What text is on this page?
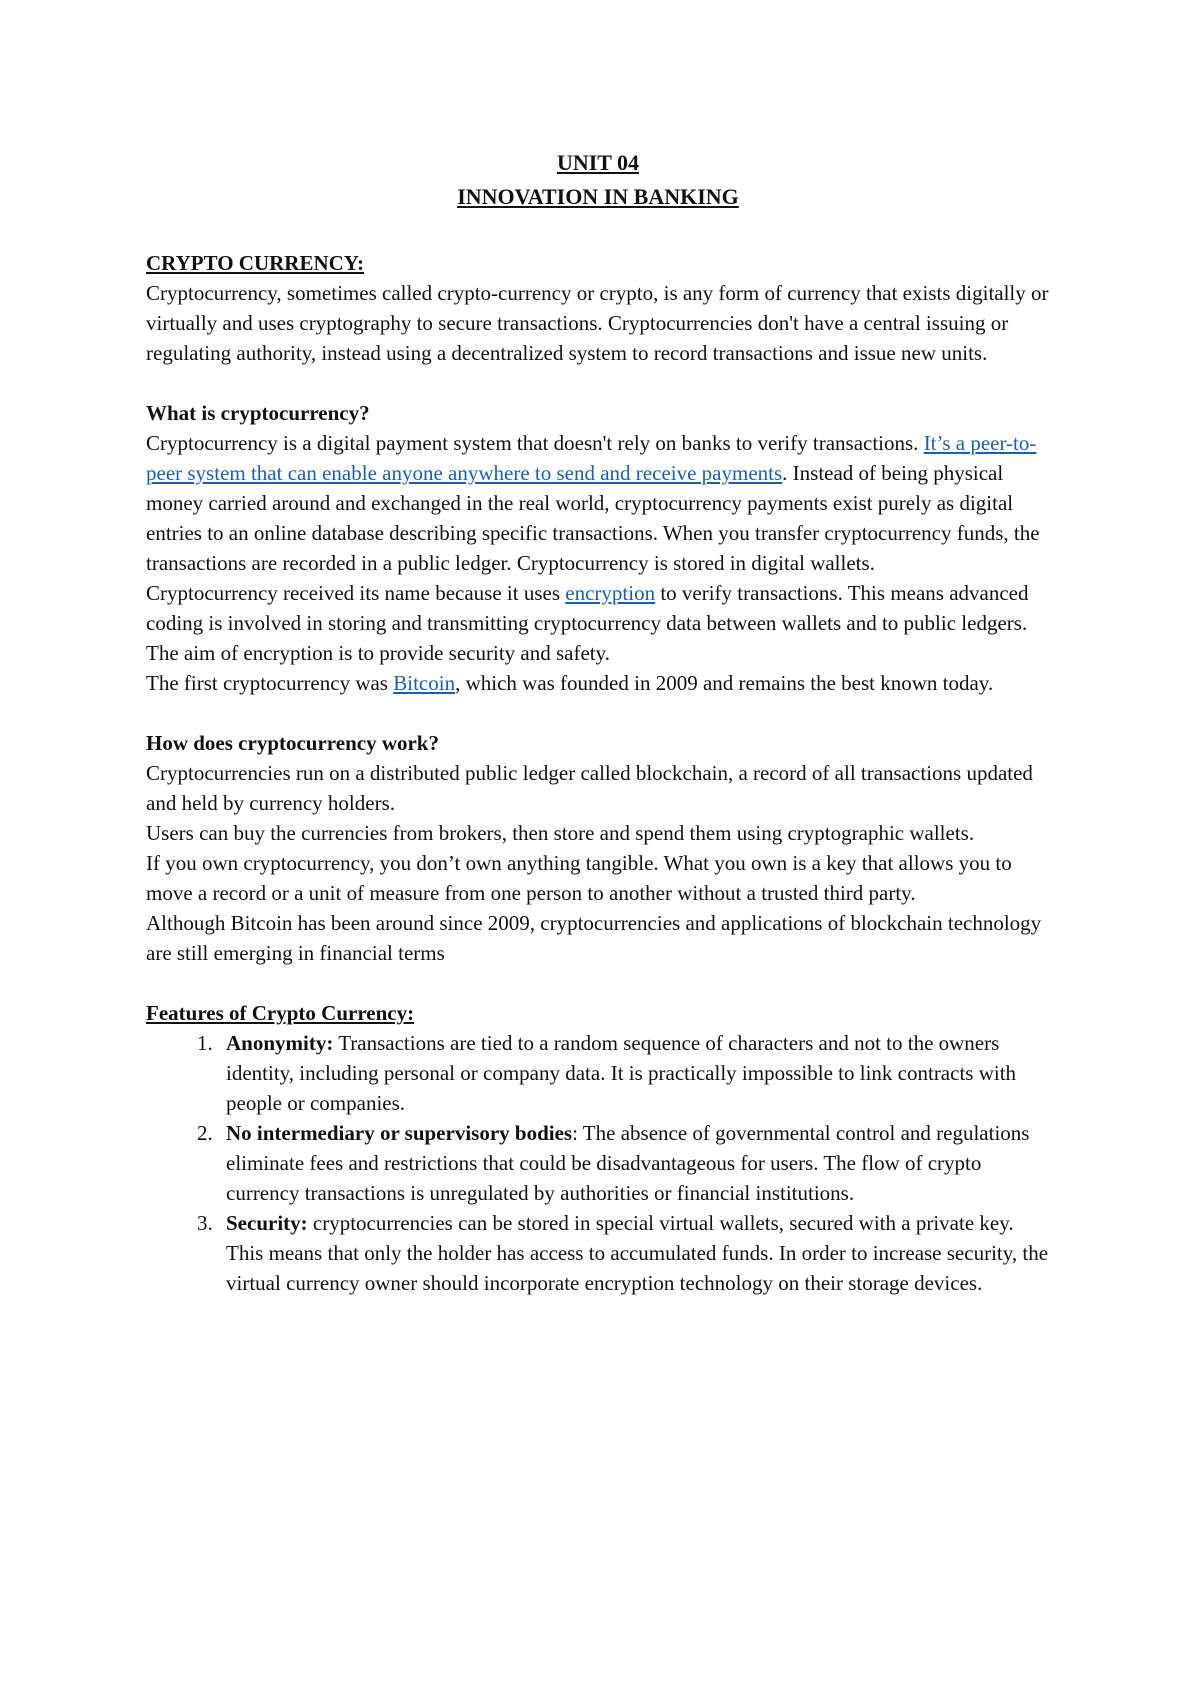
UNIT 04
INNOVATION IN BANKING

CRYPTO CURRENCY:

Cryptocurrency, sometimes called crypto-currency or crypto, is any form of currency that exists digitally or virtually and uses cryptography to secure transactions. Cryptocurrencies don't have a central issuing or regulating authority, instead using a decentralized system to record transactions and issue new units.

What is cryptocurrency?

Cryptocurrency is a digital payment system that doesn't rely on banks to verify transactions. It’s a peer-to-peer system that can enable anyone anywhere to send and receive payments. Instead of being physical money carried around and exchanged in the real world, cryptocurrency payments exist purely as digital entries to an online database describing specific transactions. When you transfer cryptocurrency funds, the transactions are recorded in a public ledger. Cryptocurrency is stored in digital wallets.

Cryptocurrency received its name because it uses encryption to verify transactions. This means advanced coding is involved in storing and transmitting cryptocurrency data between wallets and to public ledgers. The aim of encryption is to provide security and safety.

The first cryptocurrency was Bitcoin, which was founded in 2009 and remains the best known today.

How does cryptocurrency work?

Cryptocurrencies run on a distributed public ledger called blockchain, a record of all transactions updated and held by currency holders.

Users can buy the currencies from brokers, then store and spend them using cryptographic wallets.

If you own cryptocurrency, you don’t own anything tangible. What you own is a key that allows you to move a record or a unit of measure from one person to another without a trusted third party.

Although Bitcoin has been around since 2009, cryptocurrencies and applications of blockchain technology are still emerging in financial terms

Features of Crypto Currency:

1. Anonymity: Transactions are tied to a random sequence of characters and not to the owners identity, including personal or company data. It is practically impossible to link contracts with people or companies.
2. No intermediary or supervisory bodies: The absence of governmental control and regulations eliminate fees and restrictions that could be disadvantageous for users. The flow of crypto currency transactions is unregulated by authorities or financial institutions.
3. Security: cryptocurrencies can be stored in special virtual wallets, secured with a private key. This means that only the holder has access to accumulated funds. In order to increase security, the virtual currency owner should incorporate encryption technology on their storage devices.
